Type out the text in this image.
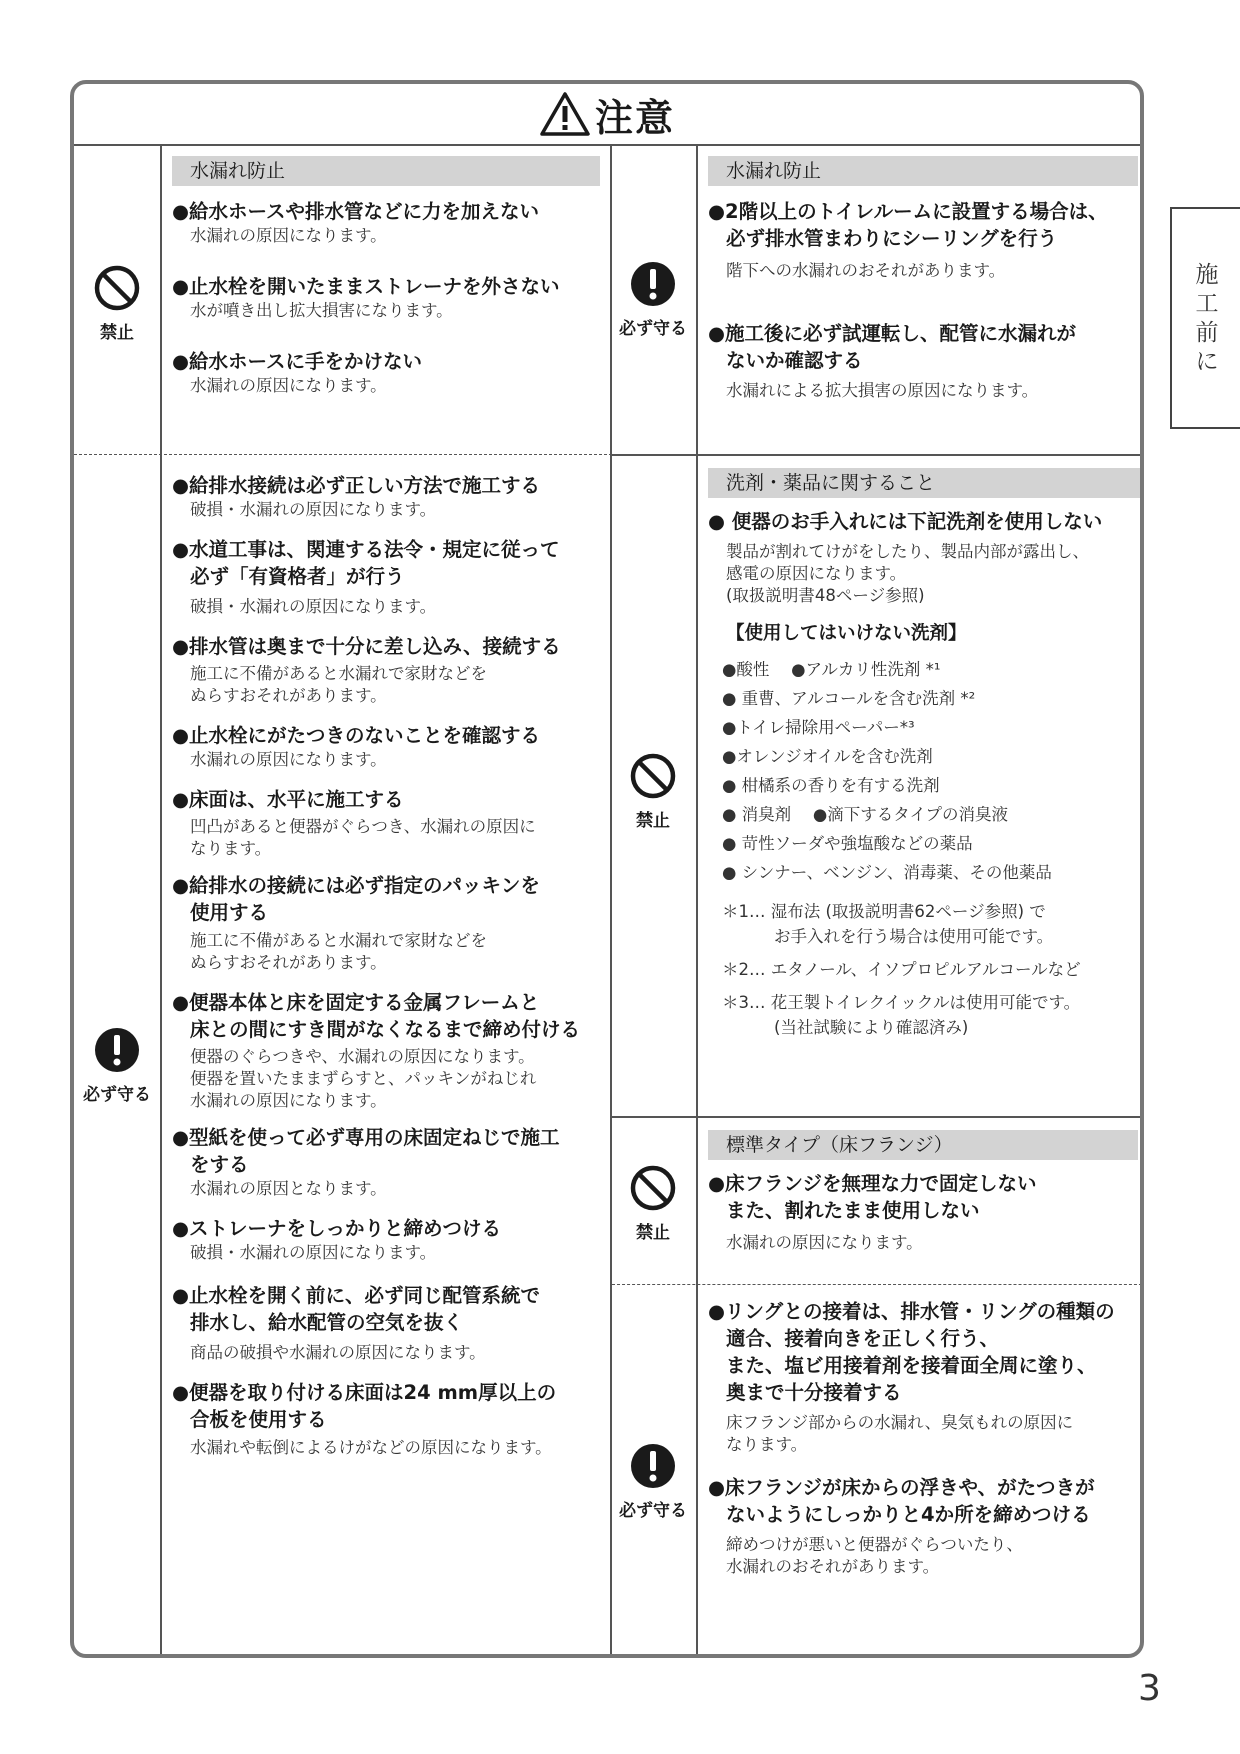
注意
禁止	必ず守る
必ず守る
禁止
禁止
必ず守る
水漏れ防止

●給水ホースや排水管などに力を加えない

水漏れの原因になります。

●止水栓を開いたままストレーナを外さない

水が噴き出し拡大損害になります。

●給水ホースに手をかけない

水漏れの原因になります。

●給排水接続は必ず正しい方法で施工する

破損・水漏れの原因になります。

●水道工事は、関連する法令・規定に従って
必ず「有資格者」が行う

破損・水漏れの原因になります。

●排水管は奥まで十分に差し込み、接続する

施工に不備があると水漏れで家財などを
ぬらすおそれがあります。

●止水栓にがたつきのないことを確認する

水漏れの原因になります。

●床面は、水平に施工する

凹凸があると便器がぐらつき、水漏れの原因に
なります。

●給排水の接続には必ず指定のパッキンを
使用する

施工に不備があると水漏れで家財などを
ぬらすおそれがあります。

●便器本体と床を固定する金属フレームと
床との間にすき間がなくなるまで締め付ける

便器のぐらつきや、水漏れの原因になります。
便器を置いたままずらすと、パッキンがねじれ
水漏れの原因になります。

●型紙を使って必ず専用の床固定ねじで施工
をする

水漏れの原因となります。

●ストレーナをしっかりと締めつける

破損・水漏れの原因になります。

●止水栓を開く前に、必ず同じ配管系統で
排水し、給水配管の空気を抜く

商品の破損や水漏れの原因になります。

●便器を取り付ける床面は24 mm厚以上の
合板を使用する

水漏れや転倒によるけがなどの原因になります。

水漏れ防止

●2階以上のトイレルームに設置する場合は、
必ず排水管まわりにシーリングを行う

階下への水漏れのおそれがあります。

●施工後に必ず試運転し、配管に水漏れが
ないか確認する

水漏れによる拡大損害の原因になります。

洗剤・薬品に関すること

● 便器のお手入れには下記洗剤を使用しない

製品が割れてけがをしたり、製品内部が露出し、
感電の原因になります。
(取扱説明書48ページ参照)

【使用してはいけない洗剤】

●酸性　 ●アルカリ性洗剤 *¹

● 重曹、アルコールを含む洗剤 *²

●トイレ掃除用ペーパー*³

●オレンジオイルを含む洗剤

● 柑橘系の香りを有する洗剤

● 消臭剤　 ●滴下するタイプの消臭液

● 苛性ソーダや強塩酸などの薬品

● シンナー、ベンジン、消毒薬、その他薬品

＊1… 湿布法 (取扱説明書62ページ参照) で
お手入れを行う場合は使用可能です。

＊2… エタノール、イソプロピルアルコールなど

＊3… 花王製トイレクイックルは使用可能です。
(当社試験により確認済み)

標準タイプ（床フランジ）

●床フランジを無理な力で固定しない
また、割れたまま使用しない

水漏れの原因になります。

●リングとの接着は、排水管・リングの種類の
適合、接着向きを正しく行う、
また、塩ビ用接着剤を接着面全周に塗り、
奥まで十分接着する

床フランジ部からの水漏れ、臭気もれの原因に
なります。

●床フランジが床からの浮きや、がたつきが
ないようにしっかりと4か所を締めつける

締めつけが悪いと便器がぐらついたり、
水漏れのおそれがあります。

施工前に
3
